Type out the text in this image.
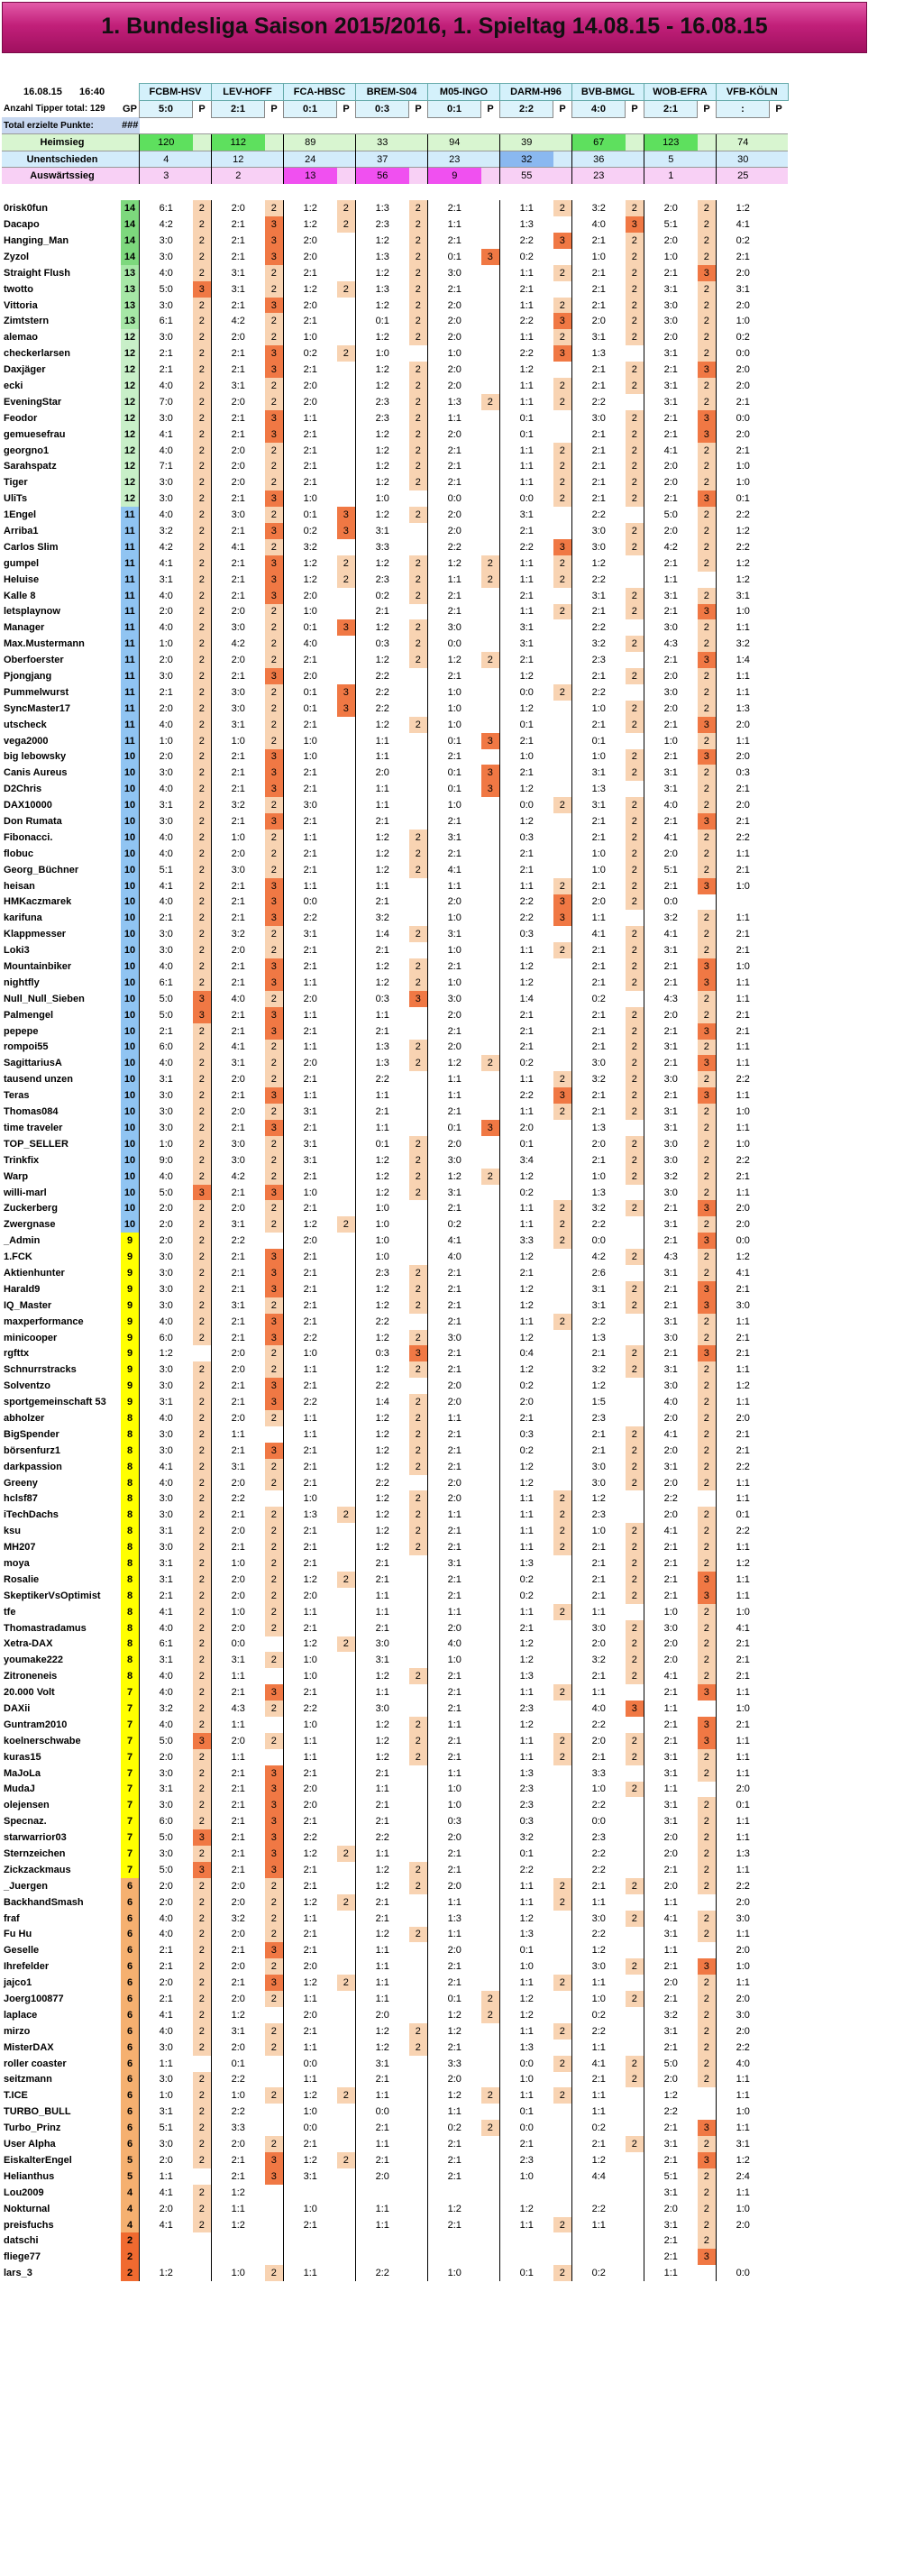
1. Bundesliga Saison 2015/2016, 1. Spieltag 14.08.15 - 16.08.15
16.08.15 16:40
			FCBM-HSV		LEV-HOFF		FCA-HBSC		BREM-S04		M05-INGO		DARM-H96		BVB-BMGL		WOB-EFRA		VFB-KÖLN	
Anzahl Tipper total: 129	GP	5:0	P	2:1	P	0:1	P	0:3	P	0:1	P	2:2	P	4:0	P	2:1	P	:	P
Total erzielte Punkte:	###																		

Heimsieg		120		112		89		33		94		39		67		123		74	
Unentschieden		4		12		24		37		23		32		36		5		30	
Auswärtssieg		3		2		13		56		9		55		23		1		25	

0risk0fun	14	6:1	2	2:0	2	1:2	2	1:3	2	2:1		1:1	2	3:2	2	2:0	2	1:2	
Dacapo	14	4:2	2	2:1	3	1:2	2	2:3	2	1:1		1:3		4:0	3	5:1	2	4:1	
Hanging_Man	14	3:0	2	2:1	3	2:0		1:2	2	2:1		2:2	3	2:1	2	2:0	2	0:2	
Zyzol	14	3:0	2	2:1	3	2:0		1:3	2	0:1	3	0:2		1:0	2	1:0	2	2:1	
Straight Flush	13	4:0	2	3:1	2	2:1		1:2	2	3:0		1:1	2	2:1	2	2:1	3	2:0	
twotto	13	5:0	3	3:1	2	1:2	2	1:3	2	2:1		2:1		2:1	2	3:1	2	3:1	
Vittoria	13	3:0	2	2:1	3	2:0		1:2	2	2:0		1:1	2	2:1	2	3:0	2	2:0	
Zimtstern	13	6:1	2	4:2	2	2:1		0:1	2	2:0		2:2	3	2:0	2	3:0	2	1:0	
alemao	12	3:0	2	2:0	2	1:0		1:2	2	2:0		1:1	2	3:1	2	2:0	2	0:2	
checkerlarsen	12	2:1	2	2:1	3	0:2	2	1:0		1:0		2:2	3	1:3		3:1	2	0:0	
Daxjäger	12	2:1	2	2:1	3	2:1		1:2	2	2:0		1:2		2:1	2	2:1	3	2:0	
ecki	12	4:0	2	3:1	2	2:0		1:2	2	2:0		1:1	2	2:1	2	3:1	2	2:0	
EveningStar	12	7:0	2	2:0	2	2:0		2:3	2	1:3	2	1:1	2	2:2		3:1	2	2:1	
Feodor	12	3:0	2	2:1	3	1:1		2:3	2	1:1		0:1		3:0	2	2:1	3	0:0	
gemuesefrau	12	4:1	2	2:1	3	2:1		1:2	2	2:0		0:1		2:1	2	2:1	3	2:0	
georgno1	12	4:0	2	2:0	2	2:1		1:2	2	2:1		1:1	2	2:1	2	4:1	2	2:1	
Sarahspatz	12	7:1	2	2:0	2	2:1		1:2	2	2:1		1:1	2	2:1	2	2:0	2	1:0	
Tiger	12	3:0	2	2:0	2	2:1		1:2	2	2:1		1:1	2	2:1	2	2:0	2	1:0	
UliTs	12	3:0	2	2:1	3	1:0		1:0		0:0		0:0	2	2:1	2	2:1	3	0:1	
1Engel	11	4:0	2	3:0	2	0:1	3	1:2	2	2:0		3:1		2:2		5:0	2	2:2	
Arriba1	11	3:2	2	2:1	3	0:2	3	3:1		2:0		2:1		3:0	2	2:0	2	1:2	
Carlos Slim	11	4:2	2	4:1	2	3:2		3:3		2:2		2:2	3	3:0	2	4:2	2	2:2	
gumpel	11	4:1	2	2:1	3	1:2	2	1:2	2	1:2	2	1:1	2	1:2		2:1	2	1:2	
Heluise	11	3:1	2	2:1	3	1:2	2	2:3	2	1:1	2	1:1	2	2:2		1:1		1:2	
Kalle 8	11	4:0	2	2:1	3	2:0		0:2	2	2:1		2:1		3:1	2	3:1	2	3:1	
letsplaynow	11	2:0	2	2:0	2	1:0		2:1		2:1		1:1	2	2:1	2	2:1	3	1:0	
Manager	11	4:0	2	3:0	2	0:1	3	1:2	2	3:0		3:1		2:2		3:0	2	1:1	
Max.Mustermann	11	1:0	2	4:2	2	4:0		0:3	2	0:0		3:1		3:2	2	4:3	2	3:2	
Oberfoerster	11	2:0	2	2:0	2	2:1		1:2	2	1:2	2	2:1		2:3		2:1	3	1:4	
Pjongjang	11	3:0	2	2:1	3	2:0		2:2		2:1		1:2		2:1	2	2:0	2	1:1	
Pummelwurst	11	2:1	2	3:0	2	0:1	3	2:2		1:0		0:0	2	2:2		3:0	2	1:1	
SyncMaster17	11	2:0	2	3:0	2	0:1	3	2:2		1:0		1:2		1:0	2	2:0	2	1:3	
utscheck	11	4:0	2	3:1	2	2:1		1:2	2	1:0		0:1		2:1	2	2:1	3	2:0	
vega2000	11	1:0	2	1:0	2	1:0		1:1		0:1	3	2:1		0:1		1:0	2	1:1	
big lebowsky	10	2:0	2	2:1	3	1:0		1:1		2:1		1:0		1:0	2	2:1	3	2:0	
Canis Aureus	10	3:0	2	2:1	3	2:1		2:0		0:1	3	2:1		3:1	2	3:1	2	0:3	
D2Chris	10	4:0	2	2:1	3	2:1		1:1		0:1	3	1:2		1:3		3:1	2	2:1	
DAX10000	10	3:1	2	3:2	2	3:0		1:1		1:0		0:0	2	3:1	2	4:0	2	2:0	
Don Rumata	10	3:0	2	2:1	3	2:1		2:1		2:1		1:2		2:1	2	2:1	3	2:1	
Fibonacci.	10	4:0	2	1:0	2	1:1		1:2	2	3:1		0:3		2:1	2	4:1	2	2:2	
flobuc	10	4:0	2	2:0	2	2:1		1:2	2	2:1		2:1		1:0	2	2:0	2	1:1	
Georg_Büchner	10	5:1	2	3:0	2	2:1		1:2	2	4:1		2:1		1:0	2	5:1	2	2:1	
heisan	10	4:1	2	2:1	3	1:1		1:1		1:1		1:1	2	2:1	2	2:1	3	1:0	
HMKaczmarek	10	4:0	2	2:1	3	0:0		2:1		2:0		2:2	3	2:0	2	0:0			
karifuna	10	2:1	2	2:1	3	2:2		3:2		1:0		2:2	3	1:1		3:2	2	1:1	
Klappmesser	10	3:0	2	3:2	2	3:1		1:4	2	3:1		0:3		4:1	2	4:1	2	2:1	
Loki3	10	3:0	2	2:0	2	2:1		2:1		1:0		1:1	2	2:1	2	3:1	2	2:1	
Mountainbiker	10	4:0	2	2:1	3	2:1		1:2	2	2:1		1:2		2:1	2	2:1	3	1:0	
nightfly	10	6:1	2	2:1	3	1:1		1:2	2	1:0		1:2		2:1	2	2:1	3	1:1	
Null_Null_Sieben	10	5:0	3	4:0	2	2:0		0:3	3	3:0		1:4		0:2		4:3	2	1:1	
Palmengel	10	5:0	3	2:1	3	1:1		1:1		2:0		2:1		2:1	2	2:0	2	2:1	
pepepe	10	2:1	2	2:1	3	2:1		2:1		2:1		2:1		2:1	2	2:1	3	2:1	
rompoi55	10	6:0	2	4:1	2	1:1		1:3	2	2:0		2:1		2:1	2	3:1	2	1:1	
SagittariusA	10	4:0	2	3:1	2	2:0		1:3	2	1:2	2	0:2		3:0	2	2:1	3	1:1	
tausend unzen	10	3:1	2	2:0	2	2:1		2:2		1:1		1:1	2	3:2	2	3:0	2	2:2	
Teras	10	3:0	2	2:1	3	1:1		1:1		1:1		2:2	3	2:1	2	2:1	3	1:1	
Thomas084	10	3:0	2	2:0	2	3:1		2:1		2:1		1:1	2	2:1	2	3:1	2	1:0	
time traveler	10	3:0	2	2:1	3	2:1		1:1		0:1	3	2:0		1:3		3:1	2	1:1	
TOP_SELLER	10	1:0	2	3:0	2	3:1		0:1	2	2:0		0:1		2:0	2	3:0	2	1:0	
Trinkfix	10	9:0	2	3:0	2	3:1		1:2	2	3:0		3:4		2:1	2	3:0	2	2:2	
Warp	10	4:0	2	4:2	2	2:1		1:2	2	1:2	2	1:2		1:0	2	3:2	2	2:1	
willi-marl	10	5:0	3	2:1	3	1:0		1:2	2	3:1		0:2		1:3		3:0	2	1:1	
Zuckerberg	10	2:0	2	2:0	2	2:1		1:0		2:1		1:1	2	3:2	2	2:1	3	2:0	
Zwergnase	10	2:0	2	3:1	2	1:2	2	1:0		0:2		1:1	2	2:2		3:1	2	2:0	
_Admin	9	2:0	2	2:2		2:0		1:0		4:1		3:3	2	0:0		2:1	3	0:0	
1.FCK	9	3:0	2	2:1	3	2:1		1:0		4:0		1:2		4:2	2	4:3	2	1:2	
Aktienhunter	9	3:0	2	2:1	3	2:1		2:3	2	2:1		2:1		2:6		3:1	2	4:1	
Harald9	9	3:0	2	2:1	3	2:1		1:2	2	2:1		1:2		3:1	2	2:1	3	2:1	
IQ_Master	9	3:0	2	3:1	2	2:1		1:2	2	2:1		1:2		3:1	2	2:1	3	3:0	
maxperformance	9	4:0	2	2:1	3	2:1		2:2		2:1		1:1	2	2:2		3:1	2	1:1	
minicooper	9	6:0	2	2:1	3	2:2		1:2	2	3:0		1:2		1:3		3:0	2	2:1	
rgfttx	9	1:2		2:0	2	1:0		0:3	3	2:1		0:4		2:1	2	2:1	3	2:1	
Schnurrstracks	9	3:0	2	2:0	2	1:1		1:2	2	2:1		1:2		3:2	2	3:1	2	1:1	
Solventzo	9	3:0	2	2:1	3	2:1		2:2		2:0		0:2		1:2		3:0	2	1:2	
sportgemeinschaft 53	9	3:1	2	2:1	3	2:2		1:4	2	2:0		2:0		1:5		4:0	2	1:1	
abholzer	8	4:0	2	2:0	2	1:1		1:2	2	1:1		2:1		2:3		2:0	2	2:0	
BigSpender	8	3:0	2	1:1		1:1		1:2	2	2:1		0:3		2:1	2	4:1	2	2:1	
börsenfurz1	8	3:0	2	2:1	3	2:1		1:2	2	2:1		0:2		2:1	2	2:0	2	2:1	
darkpassion	8	4:1	2	3:1	2	2:1		1:2	2	2:1		1:2		3:0	2	3:1	2	2:2	
Greeny	8	4:0	2	2:0	2	2:1		2:2		2:0		1:2		3:0	2	2:0	2	1:1	
hclsf87	8	3:0	2	2:2		1:0		1:2	2	2:0		1:1	2	1:2		2:2		1:1	
iTechDachs	8	3:0	2	2:1	2	1:3	2	1:2	2	1:1		1:1	2	2:3		2:0	2	0:1	
ksu	8	3:1	2	2:0	2	2:1		1:2	2	2:1		1:1	2	1:0	2	4:1	2	2:2	
MH207	8	3:0	2	2:1	2	2:1		1:2	2	2:1		1:1	2	2:1	2	2:1	2	1:1	
moya	8	3:1	2	1:0	2	2:1		2:1		3:1		1:3		2:1	2	2:1	2	1:2	
Rosalie	8	3:1	2	2:0	2	1:2	2	2:1		2:1		0:2		2:1	2	2:1	3	1:1	
SkeptikerVsOptimist	8	2:1	2	2:0	2	2:0		1:1		2:1		0:2		2:1	2	2:1	3	1:1	
tfe	8	4:1	2	1:0	2	1:1		1:1		1:1		1:1	2	1:1		1:0	2	1:0	
Thomastradamus	8	4:0	2	2:0	2	2:1		2:1		2:0		2:1		3:0	2	3:0	2	4:1	
Xetra-DAX	8	6:1	2	0:0		1:2	2	3:0		4:0		1:2		2:0	2	2:0	2	2:1	
youmake222	8	3:1	2	3:1	2	1:0		3:1		1:0		1:2		3:2	2	2:0	2	2:1	
Zitroneneis	8	4:0	2	1:1		1:0		1:2	2	2:1		1:3		2:1	2	4:1	2	2:1	
20.000 Volt	7	4:0	2	2:1	3	2:1		1:1		2:1		1:1	2	1:1		2:1	3	1:1	
DAXii	7	3:2	2	4:3	2	2:2		3:0		2:1		2:3		4:0	3	1:1		1:0	
Guntram2010	7	4:0	2	1:1		1:0		1:2	2	1:1		1:2		2:2		2:1	3	2:1	
koelnerschwabe	7	5:0	3	2:0	2	1:1		1:2	2	2:1		1:1	2	2:0	2	2:1	3	1:1	
kuras15	7	2:0	2	1:1		1:1		1:2	2	2:1		1:1	2	2:1	2	3:1	2	1:1	
MaJoLa	7	3:0	2	2:1	3	2:1		2:1		1:1		1:3		3:3		3:1	2	1:1	
MudaJ	7	3:1	2	2:1	3	2:0		1:1		1:0		2:3		1:0	2	1:1		2:0	
olejensen	7	3:0	2	2:1	3	2:0		2:1		1:0		2:3		2:2		3:1	2	0:1	
Specnaz.	7	6:0	2	2:1	3	2:1		2:1		0:3		0:3		0:0		3:1	2	1:1	
starwarrior03	7	5:0	3	2:1	3	2:2		2:2		2:0		3:2		2:3		2:0	2	1:1	
Sternzeichen	7	3:0	2	2:1	3	1:2	2	1:1		2:1		0:1		2:2		2:0	2	1:3	
Zickzackmaus	7	5:0	3	2:1	3	2:1		1:2	2	2:1		2:2		2:2		2:1	2	1:1	
_Juergen	6	2:0	2	2:0	2	2:1		1:2	2	2:0		1:1	2	2:1	2	2:0	2	2:2	
BackhandSmash	6	2:0	2	2:0	2	1:2	2	2:1		1:1		1:1	2	1:1		1:1		2:0	
fraf	6	4:0	2	3:2	2	1:1		2:1		1:3		1:2		3:0	2	4:1	2	3:0	
Fu Hu	6	4:0	2	2:0	2	2:1		1:2	2	1:1		1:3		2:2		3:1	2	1:1	
Geselle	6	2:1	2	2:1	3	2:1		1:1		2:0		0:1		1:2		1:1		2:0	
Ihrefelder	6	2:1	2	2:0	2	2:0		1:1		2:1		1:0		3:0	2	2:1	3	1:0	
jajco1	6	2:0	2	2:1	3	1:2	2	1:1		2:1		1:1	2	1:1		2:0	2	1:1	
Joerg100877	6	2:1	2	2:0	2	1:1		1:1		0:1	2	1:2		1:0	2	2:1	2	2:0	
laplace	6	4:1	2	1:2		2:0		2:0		1:2	2	1:2		0:2		3:2	2	3:0	
mirzo	6	4:0	2	3:1	2	2:1		1:2	2	1:2		1:1	2	2:2		3:1	2	2:0	
MisterDAX	6	3:0	2	2:0	2	1:1		1:2	2	2:1		1:3		1:1		2:1	2	2:2	
roller coaster	6	1:1		0:1		0:0		3:1		3:3		0:0	2	4:1	2	5:0	2	4:0	
seitzmann	6	3:0	2	2:2		1:1		2:1		2:0		1:0		2:1	2	2:0	2	1:1	
T.ICE	6	1:0	2	1:0	2	1:2	2	1:1		1:2	2	1:1	2	1:1		1:2		1:1	
TURBO_BULL	6	3:1	2	2:2		1:0		0:0		1:1		0:1		1:1		2:2		1:0	
Turbo_Prinz	6	5:1	2	3:3		0:0		2:1		0:2	2	0:0		0:2		2:1	3	1:1	
User Alpha	6	3:0	2	2:0	2	2:1		1:1		2:1		2:1		2:1	2	3:1	2	3:1	
EiskalterEngel	5	2:0	2	2:1	3	1:2	2	2:1		2:1		2:3		1:2		2:1	3	1:2	
Helianthus	5	1:1		2:1	3	3:1		2:0		2:1		1:0		4:4		5:1	2	2:4	
Lou2009	4	4:1	2	1:2												3:1	2	1:1	
Nokturnal	4	2:0	2	1:1		1:0		1:1		1:2		1:2		2:2		2:0	2	1:0	
preisfuchs	4	4:1	2	1:2		2:1		1:1		2:1		1:1	2	1:1		3:1	2	2:0	
datschi	2															2:1	2		
fliege77	2															2:1	3		
lars_3	2	1:2		1:0	2	1:1		2:2		1:0		0:1	2	0:2		1:1		0:0	
